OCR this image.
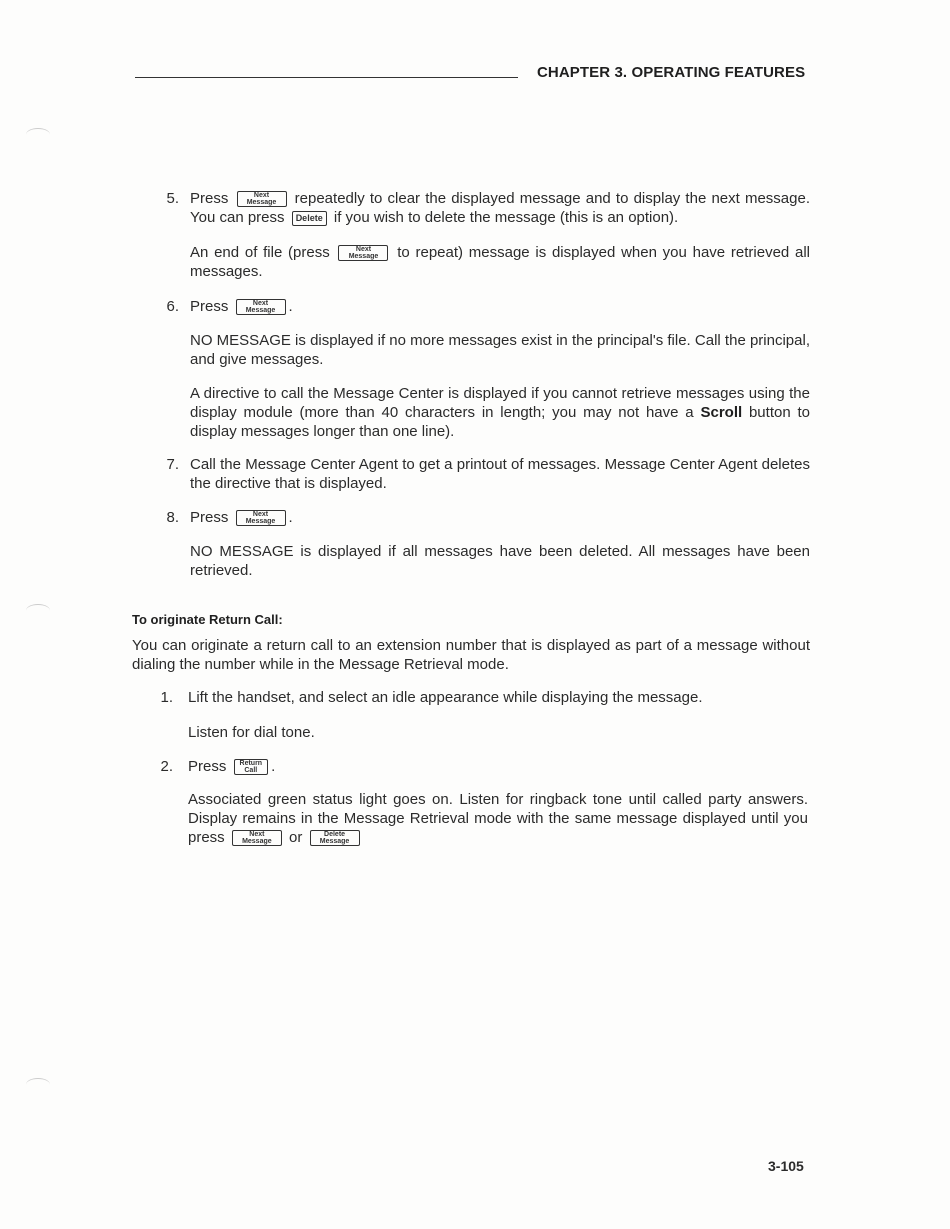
CHAPTER 3. OPERATING FEATURES
5. Press	Next
Message repeatedly to clear the displayed message and to display the next message. You can press Delete if you wish to delete the message (this is an option).
An end of file (press	Next
Message to repeat) message is displayed when you have retrieved all messages.
6. Press	Next
Message .
NO MESSAGE is displayed if no more messages exist in the principal's file. Call the principal, and give messages.
A directive to call the Message Center is displayed if you cannot retrieve messages using the display module (more than 40 characters in length; you may not have a Scroll button to display messages longer than one line).
7. Call the Message Center Agent to get a printout of messages. Message Center Agent deletes the directive that is displayed.
8. Press	Next
Message .
NO MESSAGE is displayed if all messages have been deleted. All messages have been retrieved.
To originate Return Call:
You can originate a return call to an extension number that is displayed as part of a message without dialing the number while in the Message Retrieval mode.
1. Lift the handset, and select an idle appearance while displaying the message.
Listen for dial tone.
2. Press Return
Call .
Associated green status light goes on. Listen for ringback tone until called party answers. Display remains in the Message Retrieval mode with the same message displayed until you press	Next
Message or	Delete
Message
3-105
